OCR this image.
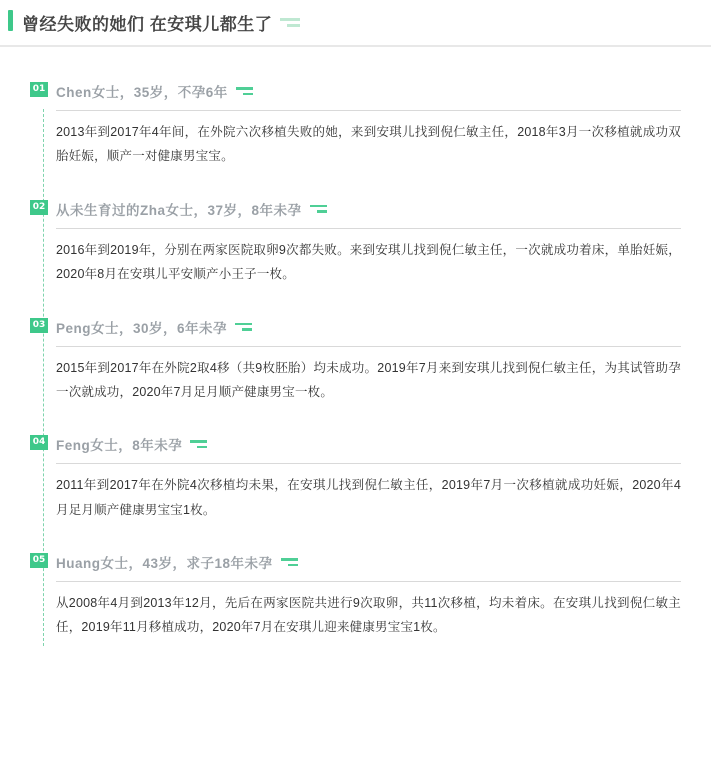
曾经失败的她们 在安琪儿都生了
01 Chen女士，35岁，不孕6年
2013年到2017年4年间，在外院六次移植失败的她，来到安琪儿找到倪仁敏主任，2018年3月一次移植就成功双胎妊娠，顺产一对健康男宝宝。
02 从未生育过的Zha女士，37岁，8年未孕
2016年到2019年，分别在两家医院取卵9次都失败。来到安琪儿找到倪仁敏主任，一次就成功着床，单胎妊娠，2020年8月在安琪儿平安顺产小王子一枚。
03 Peng女士，30岁，6年未孕
2015年到2017年在外院2取4移（共9枚胚胎）均未成功。2019年7月来到安琪儿找到倪仁敏主任，为其试管助孕一次就成功，2020年7月足月顺产健康男宝一枚。
04 Feng女士，8年未孕
2011年到2017年在外院4次移植均未果，在安琪儿找到倪仁敏主任，2019年7月一次移植就成功妊娠，2020年4月足月顺产健康男宝宝1枚。
05 Huang女士，43岁，求子18年未孕
从2008年4月到2013年12月，先后在两家医院共进行9次取卵，共11次移植，均未着床。在安琪儿找到倪仁敏主任，2019年11月移植成功，2020年7月在安琪儿迎来健康男宝宝1枚。
